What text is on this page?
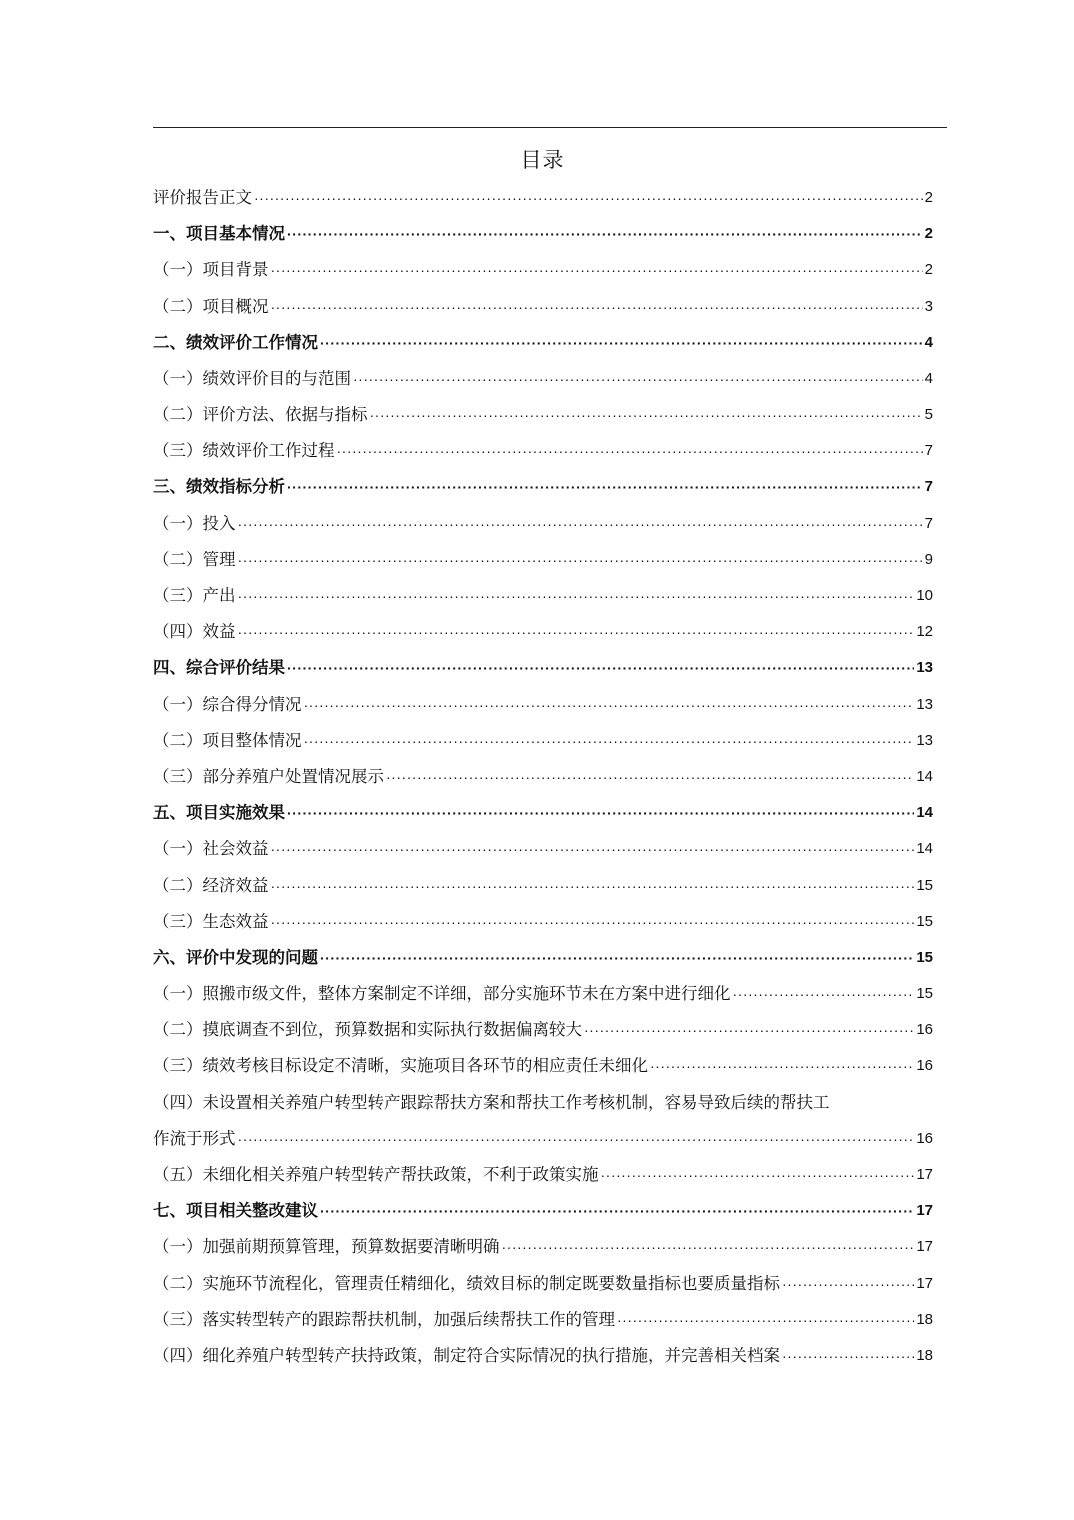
目录
评价报告正文 ·····	2
一、项目基本情况 ·····	2
（一）项目背景 ·····	2
（二）项目概况 ·····	3
二、绩效评价工作情况 ·····	4
（一）绩效评价目的与范围 ·····	4
（二）评价方法、依据与指标 ·····	5
（三）绩效评价工作过程 ·····	7
三、绩效指标分析 ·····	7
（一）投入 ·····	7
（二）管理 ·····	9
（三）产出 ·····	10
（四）效益 ·····	12
四、综合评价结果 ·····	13
（一）综合得分情况 ·····	13
（二）项目整体情况 ·····	13
（三）部分养殖户处置情况展示 ·····	14
五、项目实施效果 ·····	14
（一）社会效益 ·····	14
（二）经济效益 ·····	15
（三）生态效益 ·····	15
六、评价中发现的问题 ·····	15
（一）照搬市级文件，整体方案制定不详细，部分实施环节未在方案中进行细化 ·····	15
（二）摸底调查不到位，预算数据和实际执行数据偏离较大 ·····	16
（三）绩效考核目标设定不清晰，实施项目各环节的相应责任未细化 ·····	16
（四）未设置相关养殖户转型转产跟踪帮扶方案和帮扶工作考核机制，容易导致后续的帮扶工
作流于形式 ·····	16
（五）未细化相关养殖户转型转产帮扶政策，不利于政策实施 ·····	17
七、项目相关整改建议 ·····	17
（一）加强前期预算管理，预算数据要清晰明确 ·····	17
（二）实施环节流程化，管理责任精细化，绩效目标的制定既要数量指标也要质量指标 ·····	17
（三）落实转型转产的跟踪帮扶机制，加强后续帮扶工作的管理 ·····	18
（四）细化养殖户转型转产扶持政策，制定符合实际情况的执行措施，并完善相关档案 ·····	18
